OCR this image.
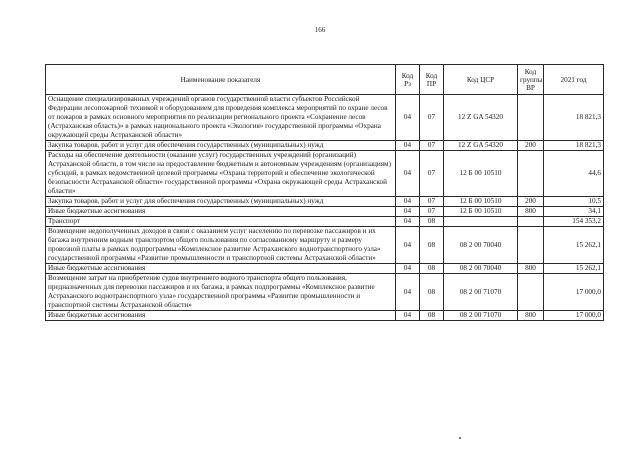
166
Наименование показателя	Код Рз	Код ПР	Код ЦСР	Код группы ВР	2021 год
Оснащение специализированных учреждений органов государственной власти субъектов Российской Федерации лесопожарной техникой и оборудованием для проведения комплекса мероприятий по охране лесов от пожаров в рамках основного мероприятия по реализации регионального проекта «Сохранение лесов (Астраханская область)» в рамках национального проекта «Экология» государственной программы «Охрана окружающей среды Астраханской области»	04	07	12 Z GA 54320		18 821,3
Закупка товаров, работ и услуг для обеспечения государственных (муниципальных) нужд	04	07	12 Z GA 54320	200	18 821,3
Расходы на обеспечение деятельности (оказание услуг) государственных учреждений (организаций) Астраханской области, в том числе на предоставление бюджетным и автономным учреждениям (организациям) субсидий, в рамках ведомственной целевой программы «Охрана территорий и обеспечение экологической безопасности Астраханской области» государственной программы «Охрана окружающей среды Астраханской области»	04	07	12 Б 00 10510		44,6
Закупка товаров, работ и услуг для обеспечения государственных (муниципальных) нужд	04	07	12 Б 00 10510	200	10,5
Иные бюджетные ассигнования	04	07	12 Б 00 10510	800	34,1
Транспорт	04	08			154 353,2
Возмещение недополученных доходов в связи с оказанием услуг населению по перевозке пассажиров и их багажа внутренним водным транспортом общего пользования по согласованному маршруту и размеру провозной платы в рамках подпрограммы «Комплексное развитие Астраханского воднотранспортного узла» государственной программы «Развитие промышленности и транспортной системы Астраханской области»	04	08	08 2 00 70040		15 262,1
Иные бюджетные ассигнования	04	08	08 2 00 70040	800	15 262,1
Возмещение затрат на приобретение судов внутреннего водного транспорта общего пользования, предназначенных для перевозки пассажиров и их багажа, в рамках подпрограммы «Комплексное развитие Астраханского воднотранспортного узла» государственной программы «Развитие промышленности и транспортной системы Астраханской области»	04	08	08 2 00 71070		17 000,0
Иные бюджетные ассигнования	04	08	08 2 00 71070	800	17 000,0
